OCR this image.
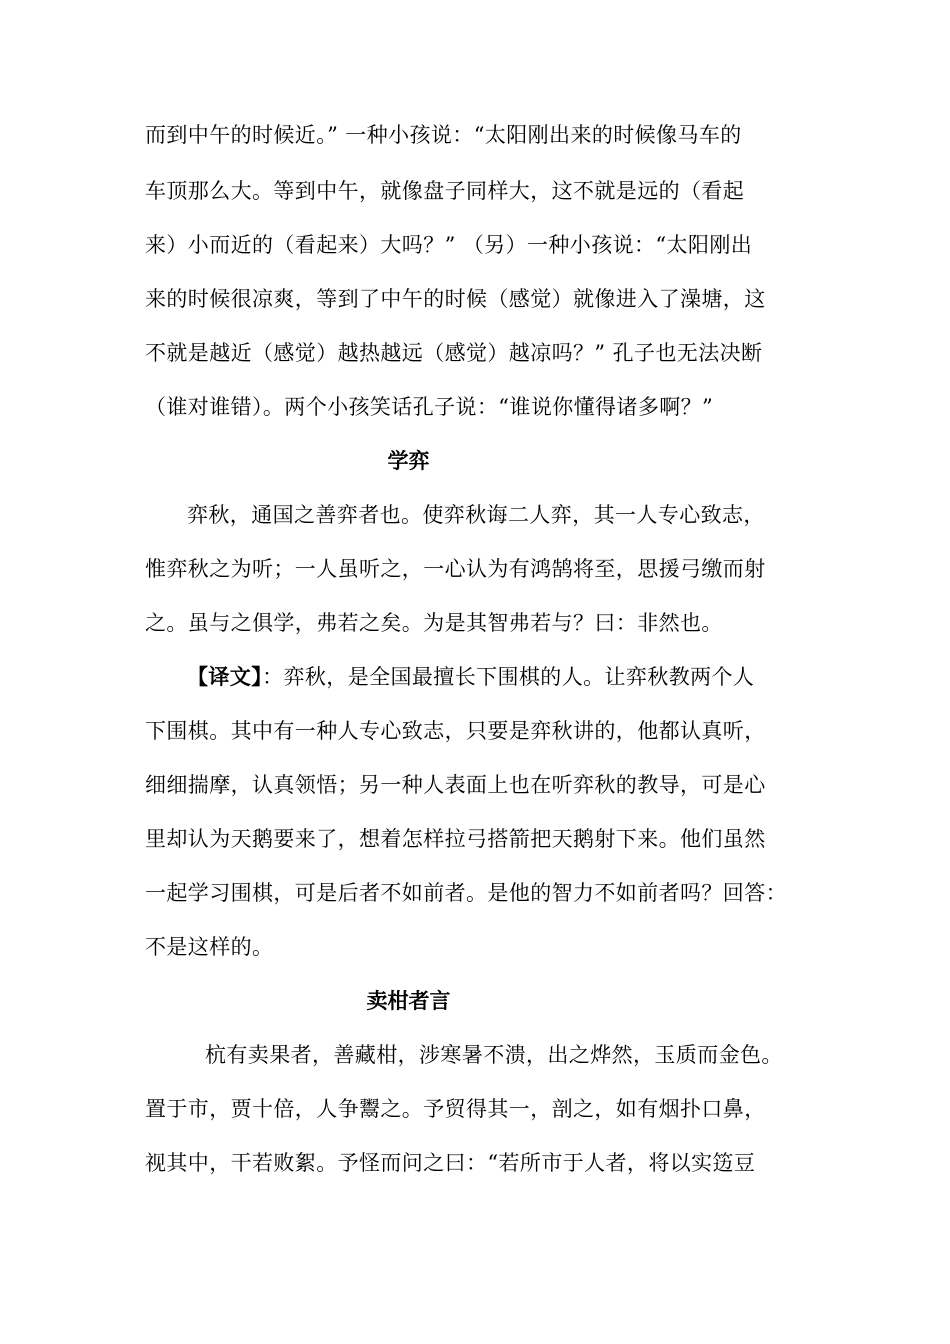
而到中午的时候近。” 一种小孩说：“太阳刚出来的时候像马车的
车顶那么大。等到中午，就像盘子同样大，这不就是远的（看起
来）小而近的（看起来）大吗？” （另）一种小孩说：“太阳刚出
来的时候很凉爽，等到了中午的时候（感觉）就像进入了澡塘，这
不就是越近（感觉）越热越远（感觉）越凉吗？” 孔子也无法决断
（谁对谁错）。两个小孩笑话孔子说：“谁说你懂得诸多啊？”
学弈
弈秋，通国之善弈者也。使弈秋诲二人弈，其一人专心致志，
惟弈秋之为听；一人虽听之，一心认为有鸿鹄将至，思援弓缴而射
之。虽与之俱学，弗若之矣。为是其智弗若与？曰：非然也。
【译文】：弈秋，是全国最擅长下围棋的人。让弈秋教两个人
下围棋。其中有一种人专心致志，只要是弈秋讲的，他都认真听，
细细揣摩，认真领悟；另一种人表面上也在听弈秋的教导，可是心
里却认为天鹅要来了，想着怎样拉弓搭箭把天鹅射下来。他们虽然
一起学习围棋，可是后者不如前者。是他的智力不如前者吗？回答：
不是这样的。
卖柑者言
杭有卖果者，善藏柑，涉寒暑不溃，出之烨然，玉质而金色。
置于市，贾十倍，人争鬻之。予贸得其一，剖之，如有烟扑口鼻，
视其中，干若败絮。予怪而问之曰：“若所市于人者，将以实笾豆
